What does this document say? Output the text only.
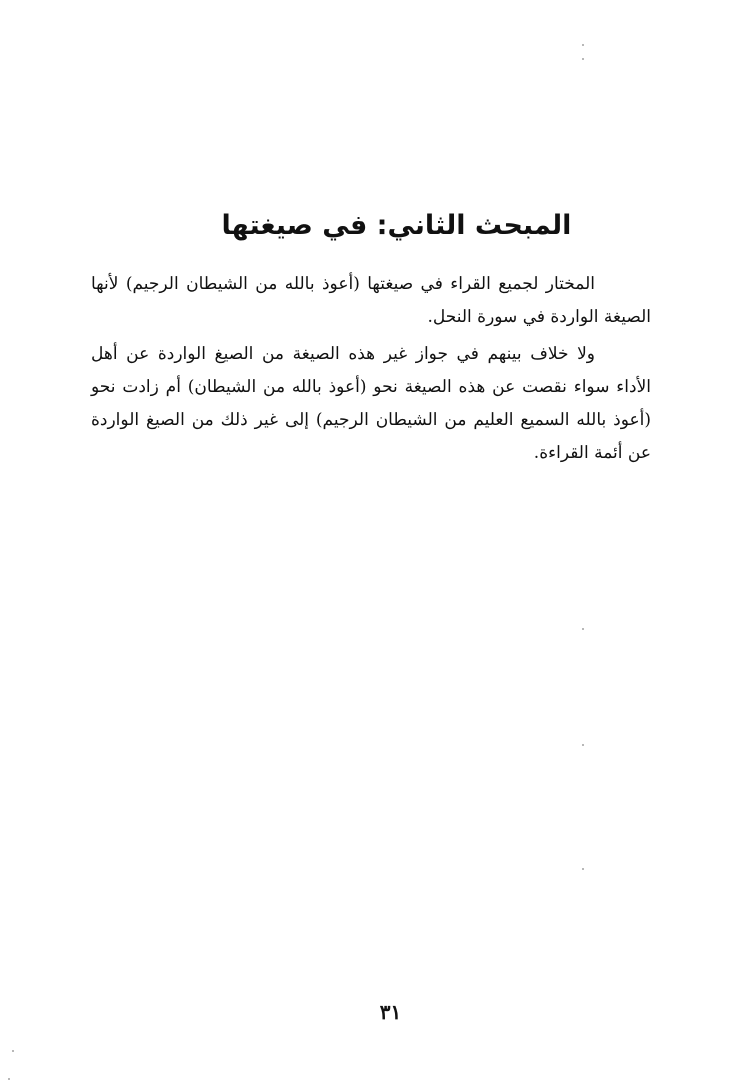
المبحث الثاني: في صيغتها

المختار لجميع القراء في صيغتها (أعوذ بالله من الشيطان الرجيم) لأنها الصيغة الواردة في سورة النحل.

ولا خلاف بينهم في جواز غير هذه الصيغة من الصيغ الواردة عن أهل الأداء سواء نقصت عن هذه الصيغة نحو (أعوذ بالله من الشيطان) أم زادت نحو (أعوذ بالله السميع العليم من الشيطان الرجيم) إلى غير ذلك من الصيغ الواردة عن أئمة القراءة.

٣١
